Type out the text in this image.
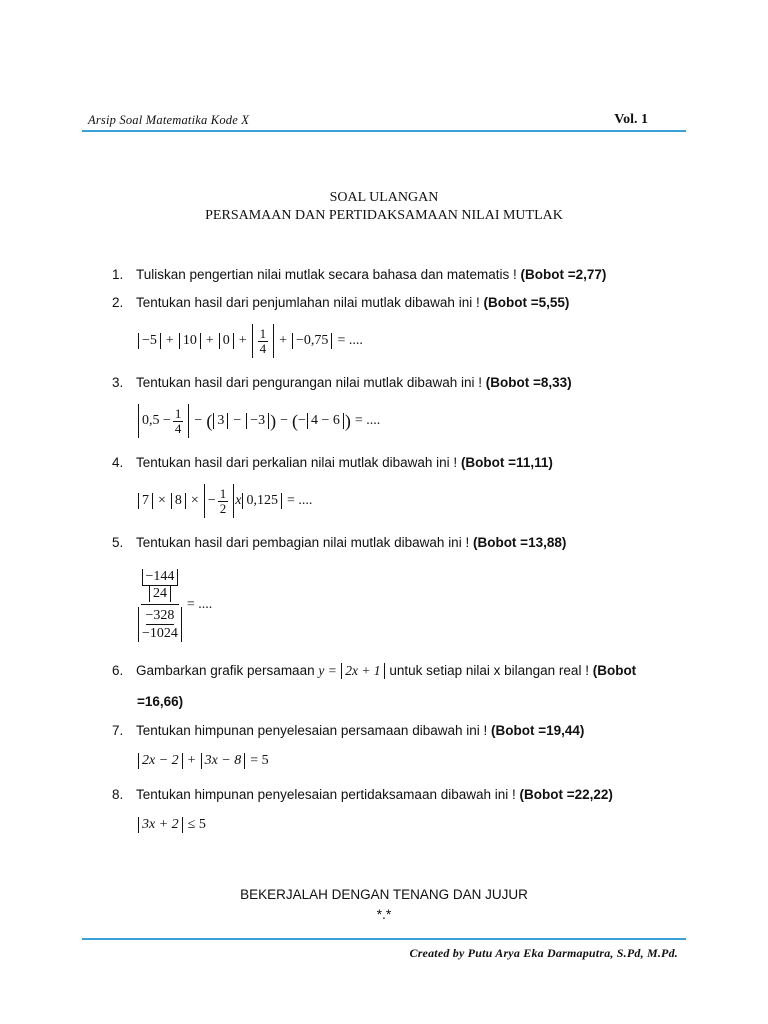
Arsip Soal Matematika Kode X	Vol. 1
SOAL ULANGAN
PERSAMAAN DAN PERTIDAKSAMAAN NILAI MUTLAK
1. Tuliskan pengertian nilai mutlak secara bahasa dan matematis ! (Bobot =2,77)
2. Tentukan hasil dari penjumlahan nilai mutlak dibawah ini ! (Bobot =5,55)
$-5 + 10 + 0 + \frac{1}{4} + -0,75$ = ....
3. Tentukan hasil dari pengurangan nilai mutlak dibawah ini ! (Bobot =8,33)
$0,5 - \frac{1}{4}$ − ( 3 − −3 ) − ( − 4 − 6 ) = ....
4. Tentukan hasil dari perkalian nilai mutlak dibawah ini ! (Bobot =11,11)
7 × 8 × − $\frac{1}{2}$ x 0,125 = ....
5. Tentukan hasil dari pembagian nilai mutlak dibawah ini ! (Bobot =13,88)
−144
24
$\frac{-328}{-1024}$ = ....
6. Gambarkan grafik persamaan y = 2x + 1 untuk setiap nilai x bilangan real ! (Bobot
=16,66)
7. Tentukan himpunan penyelesaian persamaan dibawah ini ! (Bobot =19,44)
2x − 2 + 3x − 8 = 5
8. Tentukan himpunan penyelesaian pertidaksamaan dibawah ini ! (Bobot =22,22)
3x + 2 ≤ 5
BEKERJALAH DENGAN TENANG DAN JUJUR
*.*
Created by Putu Arya Eka Darmaputra, S.Pd, M.Pd.
